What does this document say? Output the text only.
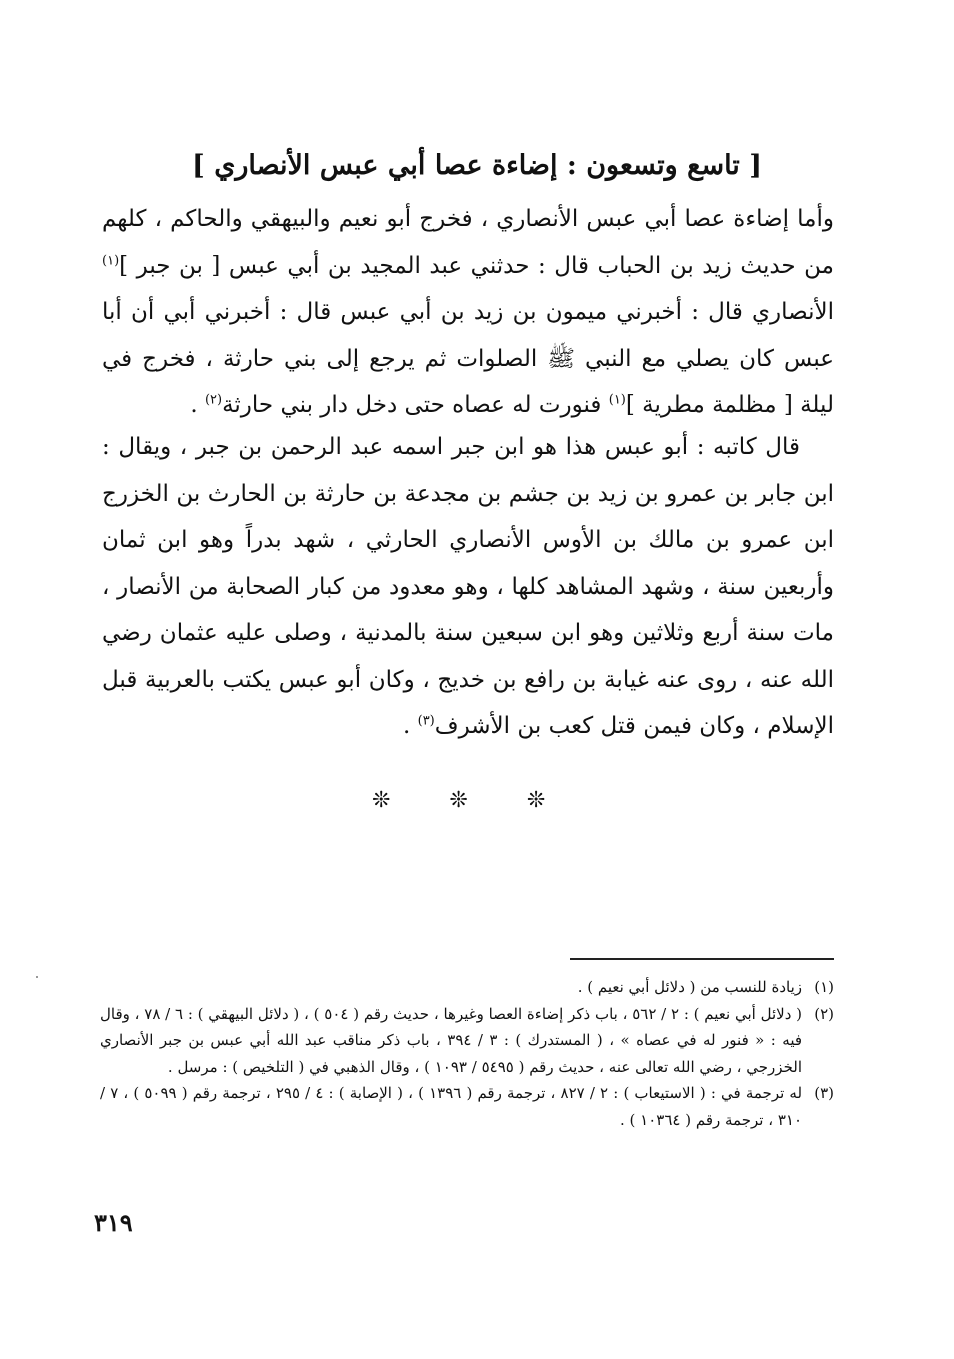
[ تاسع وتسعون : إضاءة عصا أبي عبس الأنصاري ]

وأما إضاءة عصا أبي عبس الأنصاري ، فخرج أبو نعيم والبيهقي والحاكم ، كلهم من حديث زيد بن الحباب قال : حدثني عبد المجيد بن أبي عبس [ بن جبر ]$^{(١)}$ الأنصاري قال : أخبرني ميمون بن زيد بن أبي عبس قال : أخبرني أبي أن أبا عبس كان يصلي مع النبي ﷺ الصلوات ثم يرجع إلى بني حارثة ، فخرج في ليلة [ مظلمة مطرية ]$^{(١)}$ فنورت له عصاه حتى دخل دار بني حارثة$^{(٢)}$ .

قال كاتبه : أبو عبس هذا هو ابن جبر اسمه عبد الرحمن بن جبر ، ويقال : ابن جابر بن عمرو بن زيد بن جشم بن مجدعة بن حارثة بن الحارث بن الخزرج ابن عمرو بن مالك بن الأوس الأنصاري الحارثي ، شهد بدراً وهو ابن ثمان وأربعين سنة ، وشهد المشاهد كلها ، وهو معدود من كبار الصحابة من الأنصار ، مات سنة أربع وثلاثين وهو ابن سبعين سنة بالمدنية ، وصلى عليه عثمان رضي الله عنه ، روى عنه غيابة بن رافع بن خديج ، وكان أبو عبس يكتب بالعربية قبل الإسلام ، وكان فيمن قتل كعب بن الأشرف$^{(٣)}$ .

❊ ❊ ❊
(١)
زيادة للنسب من ( دلائل أبي نعيم ) .
(٢)
( دلائل أبي نعيم ) : ٢ / ٥٦٢ ، باب ذكر إضاءة العصا وغيرها ، حديث رقم ( ٥٠٤ ) ، ( دلائل البيهقي ) : ٦ / ٧٨ ، وقال فيه : « فنور له في عصاه » ، ( المستدرك ) : ٣ / ٣٩٤ ، باب ذكر مناقب عبد الله أبي عبس بن جبر الأنصاري الخزرجي ، رضي الله تعالى عنه ، حديث رقم ( ٥٤٩٥ / ١٠٩٣ ) ، وقال الذهبي في ( التلخيص ) : مرسل .
(٣)
له ترجمة في : ( الاستيعاب ) : ٢ / ٨٢٧ ، ترجمة رقم ( ١٣٩٦ ) ، ( الإصابة ) : ٤ / ٢٩٥ ، ترجمة رقم ( ٥٠٩٩ ) ، ٧ / ٣١٠ ، ترجمة رقم ( ١٠٣٦٤ ) .
٣١٩
